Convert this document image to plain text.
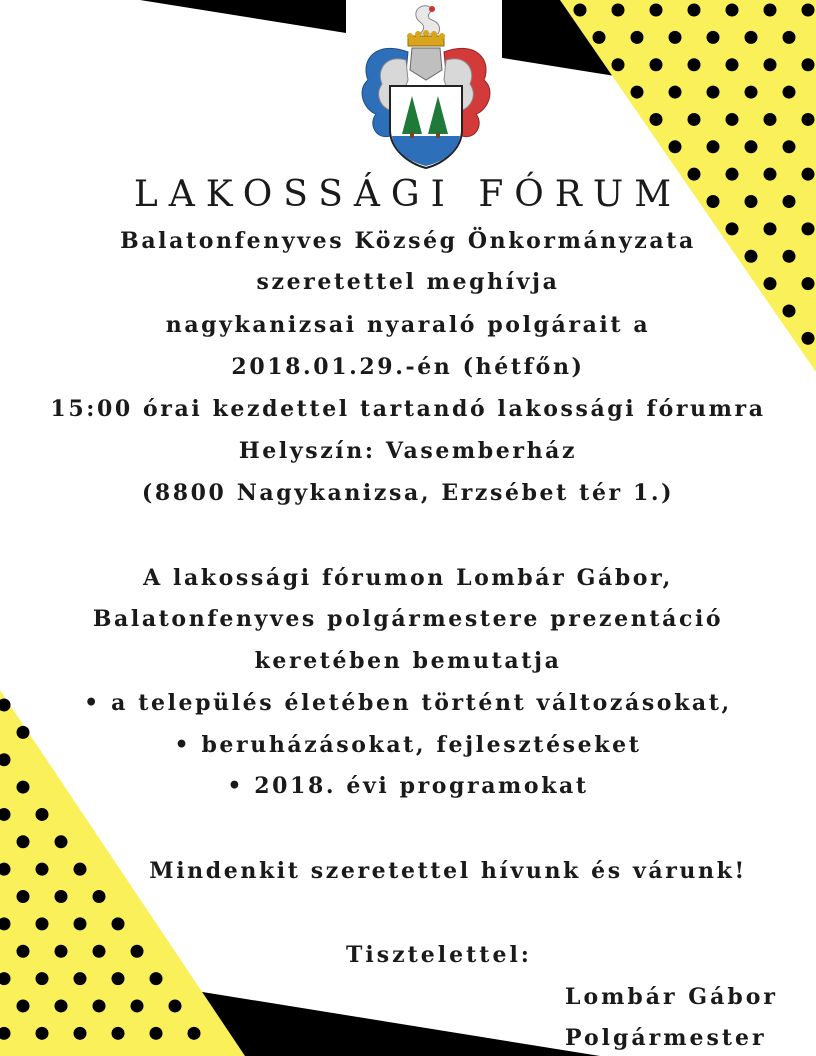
LAKOSSÁGI FÓRUM
Balatonfenyves Község Önkormányzata
szeretettel meghívja
nagykanizsai nyaraló polgárait a
2018.01.29.-én (hétfőn)
15:00 órai kezdettel tartandó lakossági fórumra
Helyszín: Vasemberház
(8800 Nagykanizsa, Erzsébet tér 1.)
A lakossági fórumon Lombár Gábor,
Balatonfenyves polgármestere prezentáció
keretében bemutatja
• a település életében történt változásokat,
• beruházásokat, fejlesztéseket
• 2018. évi programokat
Mindenkit szeretettel hívunk és várunk!
Tisztelettel:
Lombár Gábor
Polgármester
